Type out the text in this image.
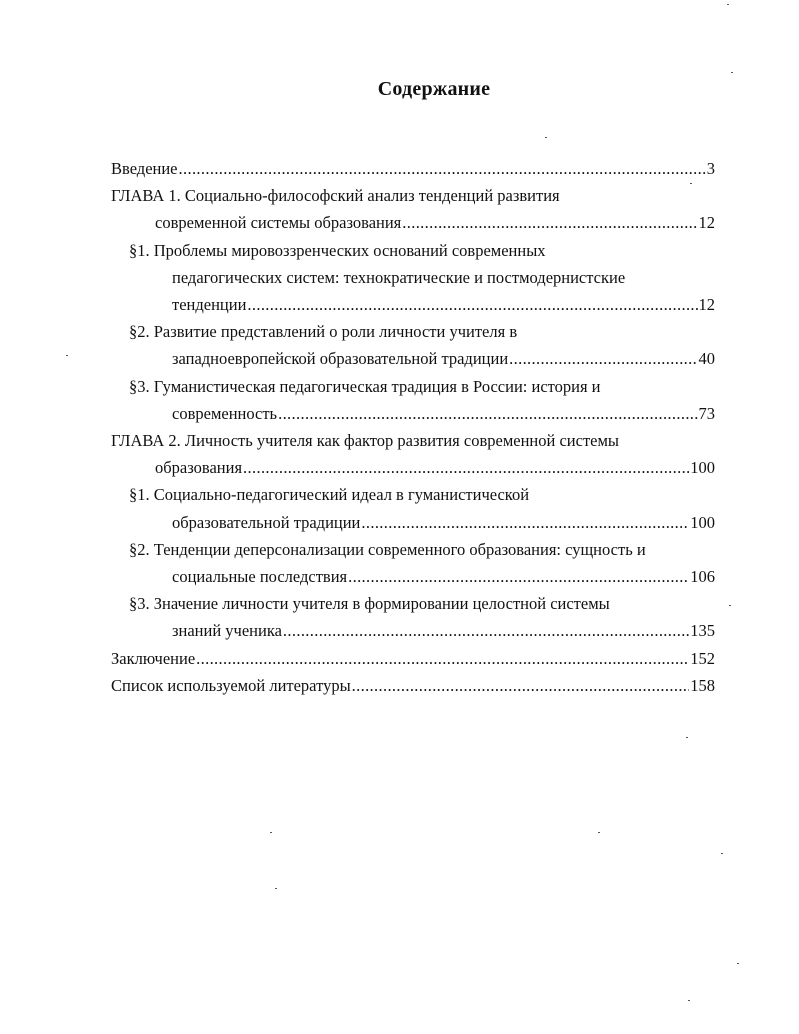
Содержание
Введение .....	3
ГЛАВА 1. Социально-философский анализ тенденций развития
современной системы образования .....	12
§1. Проблемы мировоззренческих оснований современных
педагогических систем: технократические и постмодернистские
тенденции .....	12
§2. Развитие представлений о роли личности учителя в
западноевропейской образовательной традиции .....	40
§3. Гуманистическая педагогическая традиция в России: история и
современность .....	73
ГЛАВА 2. Личность учителя как фактор развития современной системы
образования .....	100
§1. Социально-педагогический идеал в гуманистической
образовательной традиции .....	100
§2. Тенденции деперсонализации современного образования: сущность и
социальные последствия .....	106
§3. Значение личности учителя в формировании целостной системы
знаний ученика .....	135
Заключение .....	152
Список используемой литературы .....	158
